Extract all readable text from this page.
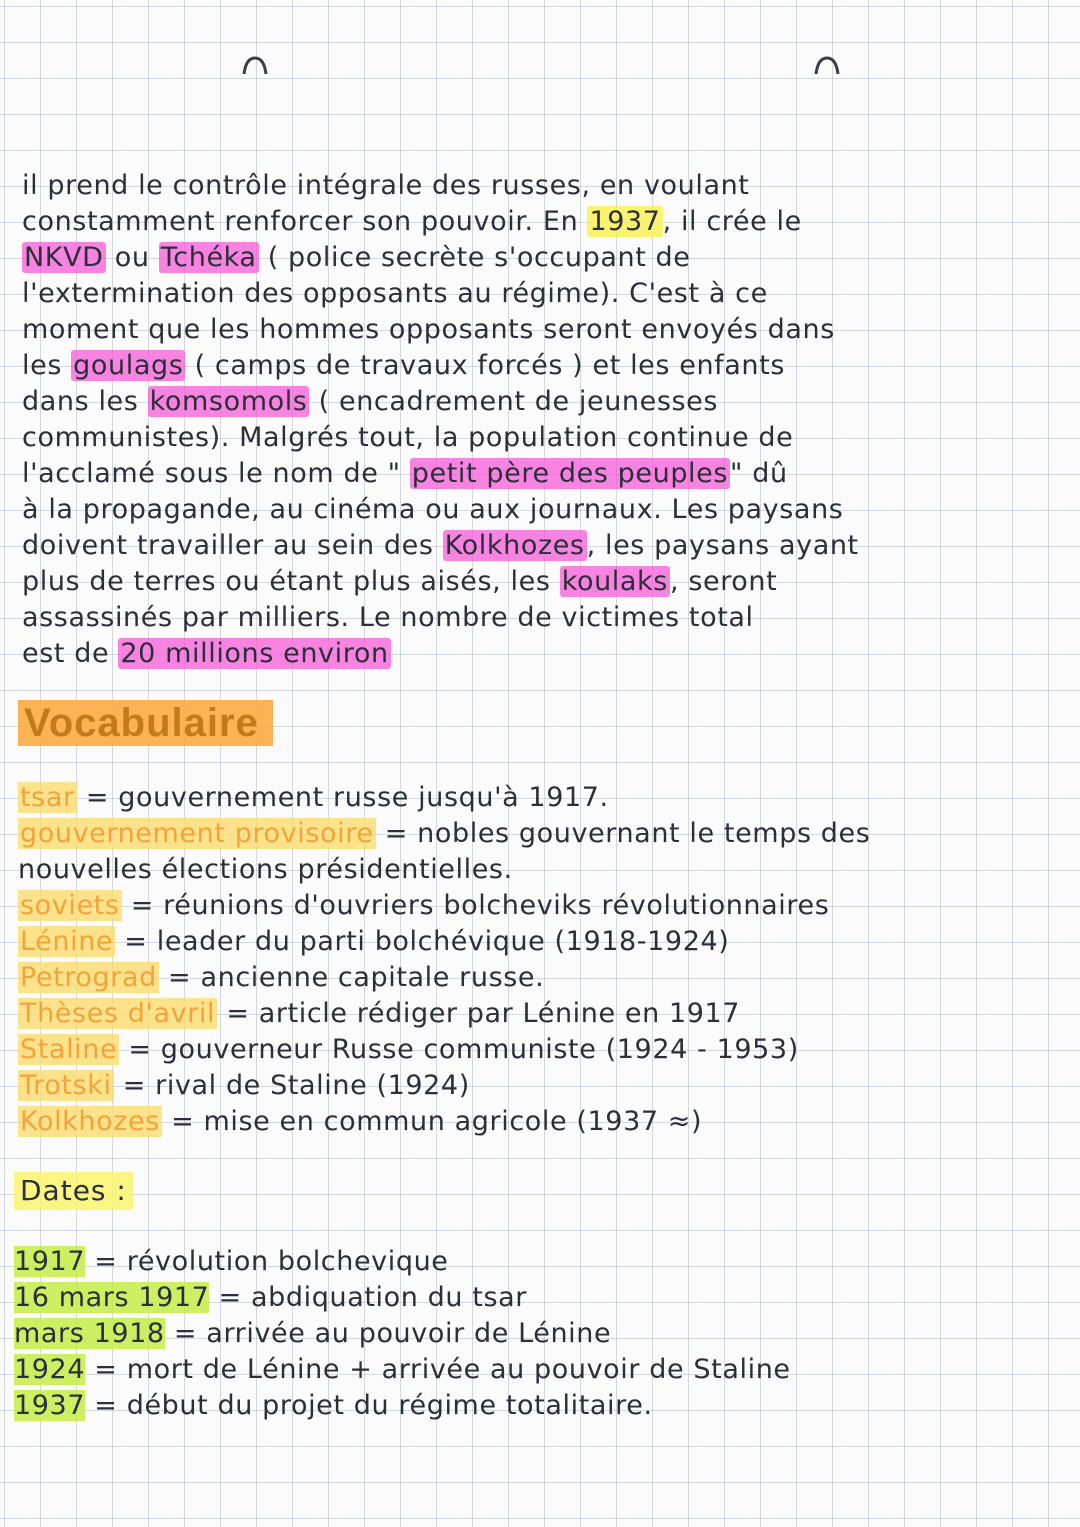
il prend le contrôle intégrale des russes, en voulant
constamment renforcer son pouvoir. En 1937, il crée le
NKVD ou Tchéka ( police secrète s'occupant de
l'extermination des opposants au régime). C'est à ce
moment que les hommes opposants seront envoyés dans
les goulags ( camps de travaux forcés ) et les enfants
dans les komsomols ( encadrement de jeunesses
communistes). Malgrés tout, la population continue de
l'acclamé sous le nom de " petit père des peuples" dû
à la propagande, au cinéma ou aux journaux. Les paysans
doivent travailler au sein des Kolkhozes, les paysans ayant
plus de terres ou étant plus aisés, les koulaks, seront
assassinés par milliers. Le nombre de victimes total
est de 20 millions environ
Vocabulaire
tsar = gouvernement russe jusqu'à 1917.
gouvernement provisoire = nobles gouvernant le temps des
nouvelles élections présidentielles.
soviets = réunions d'ouvriers bolcheviks révolutionnaires
Lénine = leader du parti bolchévique (1918-1924)
Petrograd = ancienne capitale russe.
Thèses d'avril = article rédiger par Lénine en 1917
Staline = gouverneur Russe communiste (1924 - 1953)
Trotski = rival de Staline (1924)
Kolkhozes = mise en commun agricole (1937 ≈)
Dates :
1917 = révolution bolchevique
16 mars 1917 = abdiquation du tsar
mars 1918 = arrivée au pouvoir de Lénine
1924 = mort de Lénine + arrivée au pouvoir de Staline
1937 = début du projet du régime totalitaire.
